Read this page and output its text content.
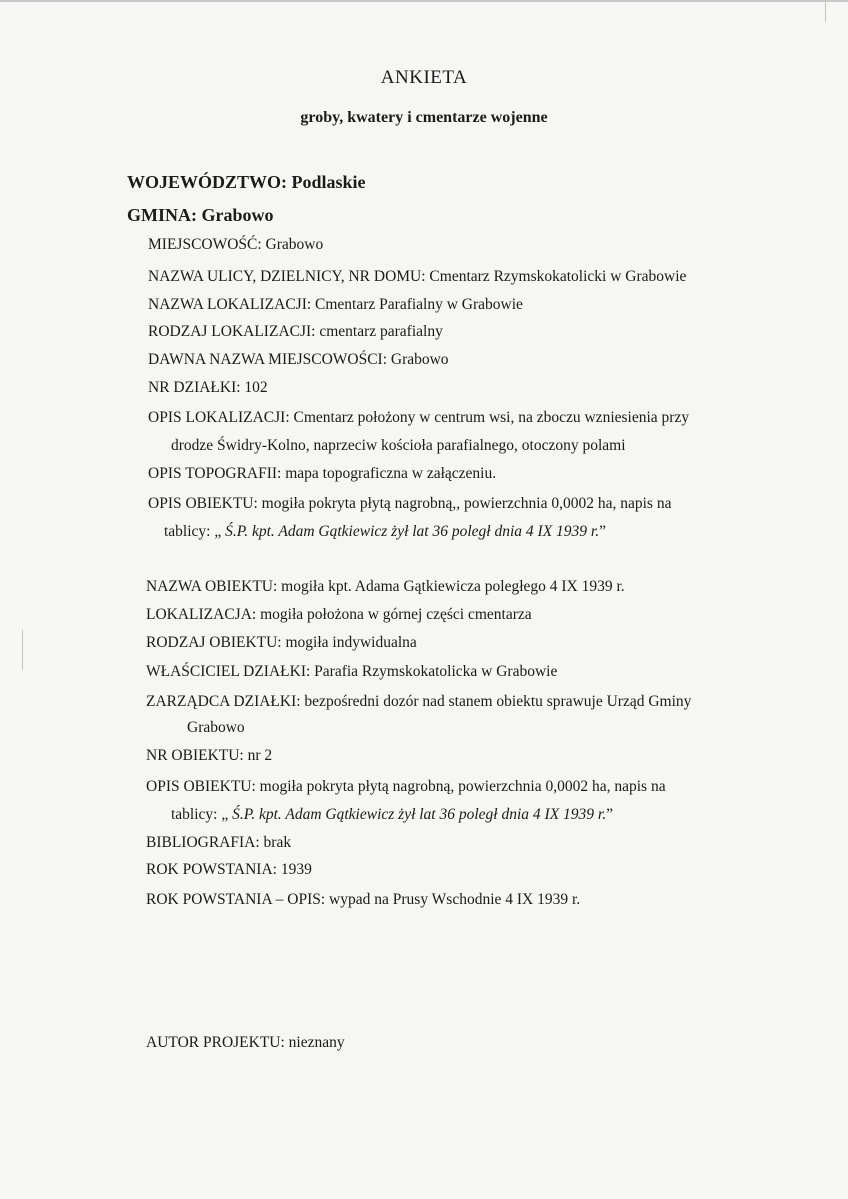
ANKIETA
groby, kwatery i cmentarze wojenne
WOJEWÓDZTWO: Podlaskie
GMINA: Grabowo
MIEJSCOWOŚĆ: Grabowo
NAZWA ULICY, DZIELNICY, NR DOMU: Cmentarz Rzymskokatolicki w Grabowie
NAZWA LOKALIZACJI: Cmentarz Parafialny w Grabowie
RODZAJ LOKALIZACJI: cmentarz parafialny
DAWNA NAZWA MIEJSCOWOŚCI: Grabowo
NR DZIAŁKI: 102
OPIS LOKALIZACJI: Cmentarz położony w centrum wsi, na zboczu wzniesienia przy
drodze Świdry-Kolno, naprzeciw kościoła parafialnego, otoczony polami
OPIS TOPOGRAFII: mapa topograficzna w załączeniu.
OPIS OBIEKTU: mogiła pokryta płytą nagrobną,, powierzchnia 0,0002 ha, napis na
tablicy: „ Ś.P. kpt. Adam Gątkiewicz żył lat 36 poległ dnia 4 IX 1939 r.”
NAZWA OBIEKTU: mogiła kpt. Adama Gątkiewicza poległego 4 IX 1939 r.
LOKALIZACJA: mogiła położona w górnej części cmentarza
RODZAJ OBIEKTU: mogiła indywidualna
WŁAŚCICIEL DZIAŁKI: Parafia Rzymskokatolicka w Grabowie
ZARZĄDCA DZIAŁKI: bezpośredni dozór nad stanem obiektu sprawuje Urząd Gminy
Grabowo
NR OBIEKTU: nr 2
OPIS OBIEKTU: mogiła pokryta płytą nagrobną, powierzchnia 0,0002 ha, napis na
tablicy: „ Ś.P. kpt. Adam Gątkiewicz żył lat 36 poległ dnia 4 IX 1939 r.”
BIBLIOGRAFIA: brak
ROK POWSTANIA: 1939
ROK POWSTANIA – OPIS: wypad na Prusy Wschodnie 4 IX 1939 r.
AUTOR PROJEKTU: nieznany
